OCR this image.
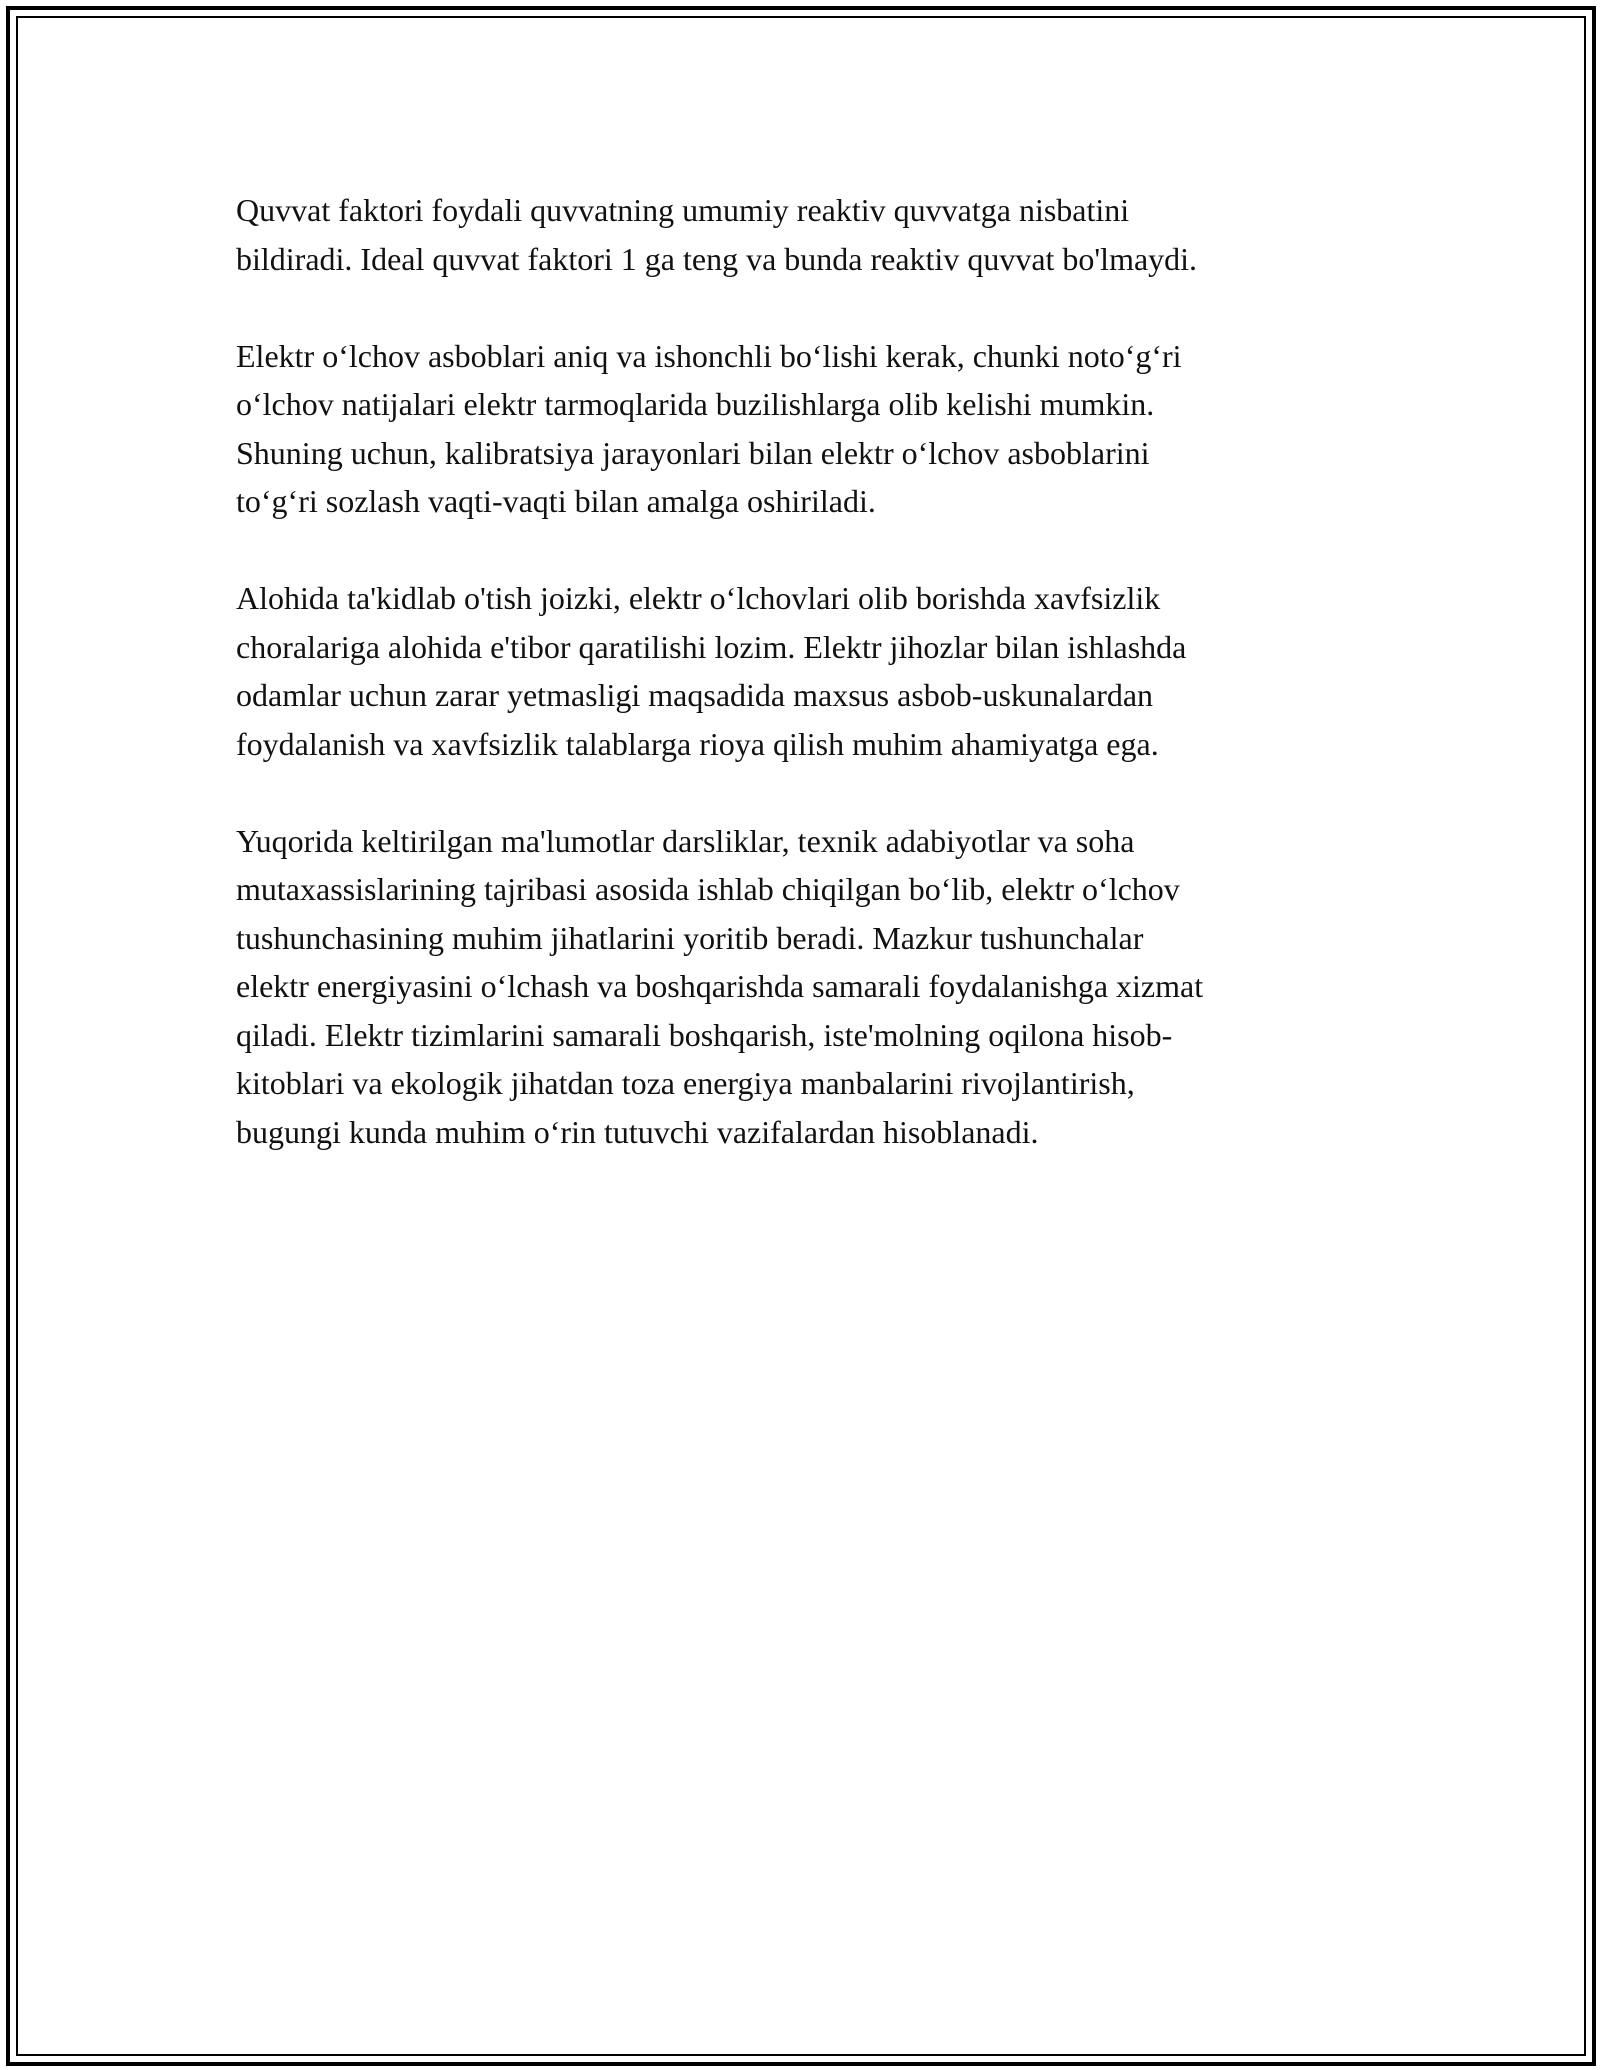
Quvvat faktori foydali quvvatning umumiy reaktiv quvvatga nisbatini
bildiradi. Ideal quvvat faktori 1 ga teng va bunda reaktiv quvvat bo'lmaydi.

Elektr o‘lchov asboblari aniq va ishonchli bo‘lishi kerak, chunki noto‘g‘ri
o‘lchov natijalari elektr tarmoqlarida buzilishlarga olib kelishi mumkin.
Shuning uchun, kalibratsiya jarayonlari bilan elektr o‘lchov asboblarini
to‘g‘ri sozlash vaqti-vaqti bilan amalga oshiriladi.

Alohida ta'kidlab o'tish joizki, elektr o‘lchovlari olib borishda xavfsizlik
choralariga alohida e'tibor qaratilishi lozim. Elektr jihozlar bilan ishlashda
odamlar uchun zarar yetmasligi maqsadida maxsus asbob-uskunalardan
foydalanish va xavfsizlik talablarga rioya qilish muhim ahamiyatga ega.

Yuqorida keltirilgan ma'lumotlar darsliklar, texnik adabiyotlar va soha
mutaxassislarining tajribasi asosida ishlab chiqilgan bo‘lib, elektr o‘lchov
tushunchasining muhim jihatlarini yoritib beradi. Mazkur tushunchalar
elektr energiyasini o‘lchash va boshqarishda samarali foydalanishga xizmat
qiladi. Elektr tizimlarini samarali boshqarish, iste'molning oqilona hisob-
kitoblari va ekologik jihatdan toza energiya manbalarini rivojlantirish,
bugungi kunda muhim o‘rin tutuvchi vazifalardan hisoblanadi.
